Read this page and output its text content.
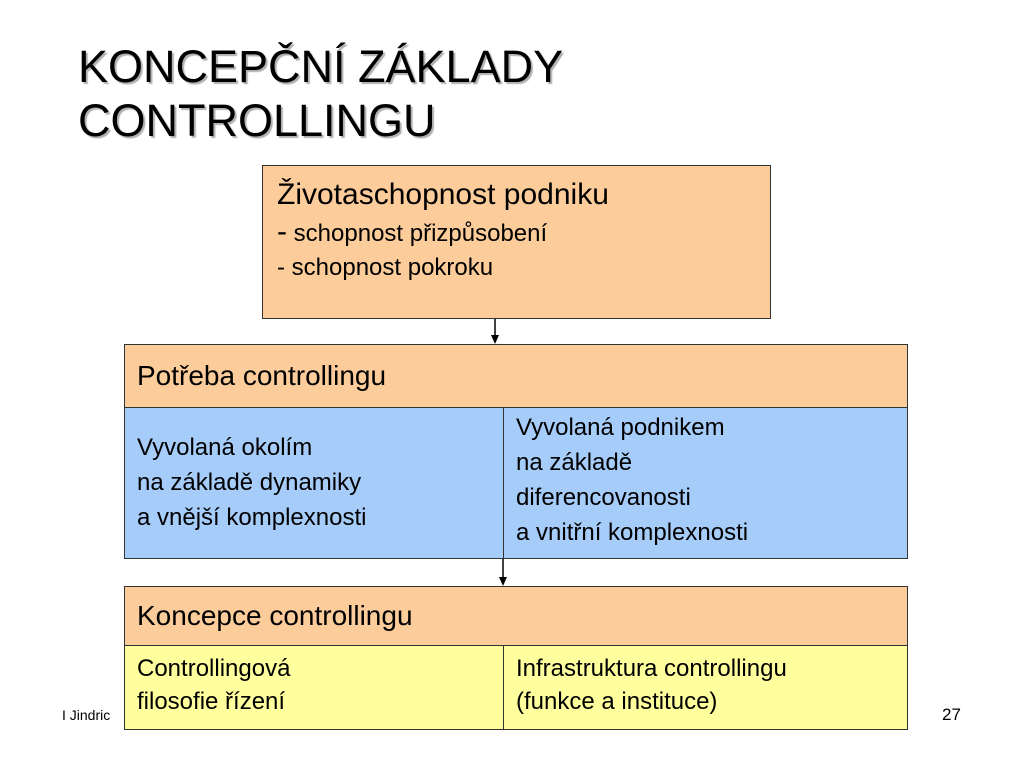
KONCEPČNÍ ZÁKLADY
CONTROLLINGU
Životaschopnost podniku
- schopnost přizpůsobení
- schopnost pokroku
Potřeba controllingu
Vyvolaná okolím
na základě dynamiky
a vnější komplexnosti
Vyvolaná podnikem
na základě
diferencovanosti
a vnitřní komplexnosti
Koncepce controllingu
Controllingová
filosofie řízení
Infrastruktura controllingu
(funkce a instituce)
I Jindric	27
